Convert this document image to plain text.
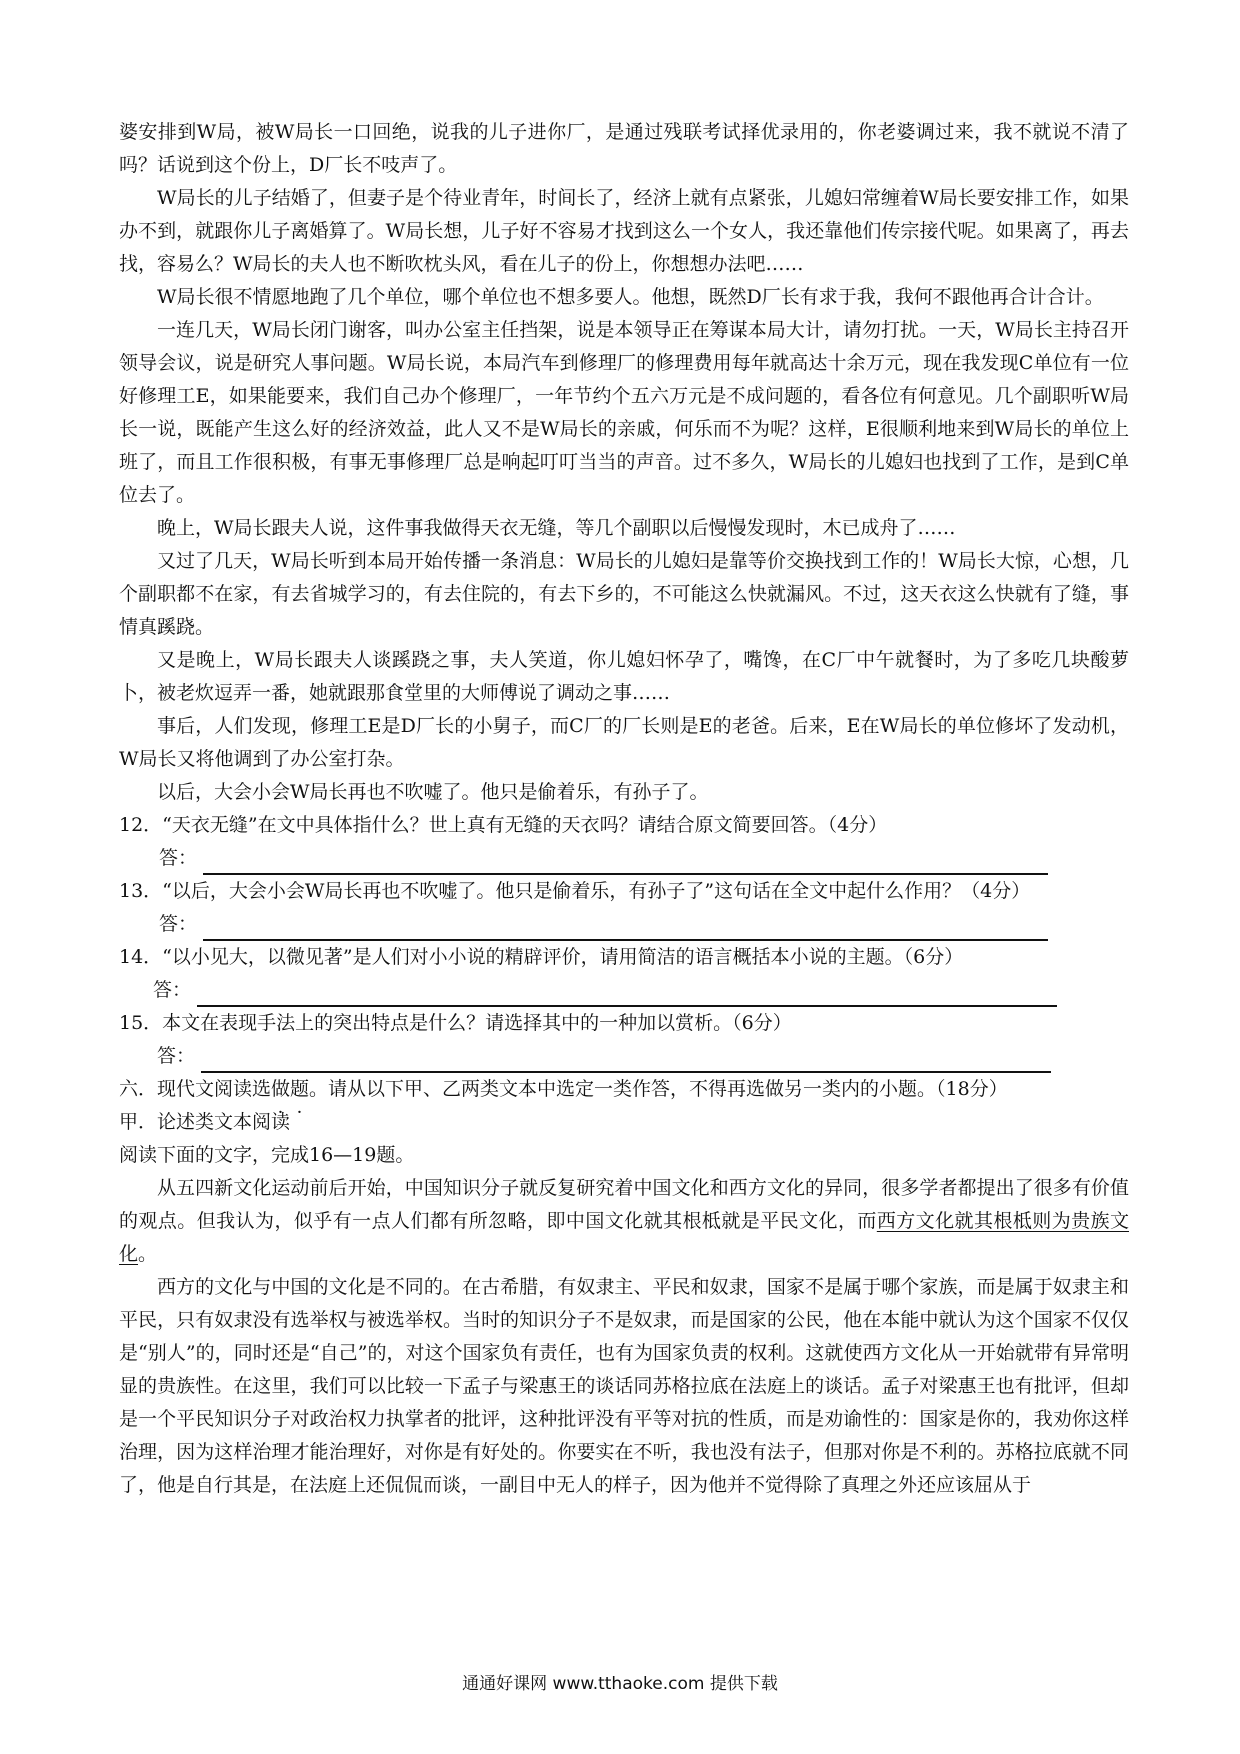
婆安排到W局，被W局长一口回绝，说我的儿子进你厂，是通过残联考试择优录用的，你老婆调过来，我不就说不清了吗？话说到这个份上，D厂长不吱声了。

W局长的儿子结婚了，但妻子是个待业青年，时间长了，经济上就有点紧张，儿媳妇常缠着W局长要安排工作，如果办不到，就跟你儿子离婚算了。W局长想，儿子好不容易才找到这么一个女人，我还靠他们传宗接代呢。如果离了，再去找，容易么？W局长的夫人也不断吹枕头风，看在儿子的份上，你想想办法吧……

W局长很不情愿地跑了几个单位，哪个单位也不想多要人。他想，既然D厂长有求于我，我何不跟他再合计合计。

一连几天，W局长闭门谢客，叫办公室主任挡架，说是本领导正在筹谋本局大计，请勿打扰。一天，W局长主持召开领导会议，说是研究人事问题。W局长说，本局汽车到修理厂的修理费用每年就高达十余万元，现在我发现C单位有一位好修理工E，如果能要来，我们自己办个修理厂，一年节约个五六万元是不成问题的，看各位有何意见。几个副职听W局长一说，既能产生这么好的经济效益，此人又不是W局长的亲戚，何乐而不为呢？这样，E很顺利地来到W局长的单位上班了，而且工作很积极，有事无事修理厂总是响起叮叮当当的声音。过不多久，W局长的儿媳妇也找到了工作，是到C单位去了。

晚上，W局长跟夫人说，这件事我做得天衣无缝，等几个副职以后慢慢发现时，木已成舟了……

又过了几天，W局长听到本局开始传播一条消息：W局长的儿媳妇是靠等价交换找到工作的！W局长大惊，心想，几个副职都不在家，有去省城学习的，有去住院的，有去下乡的，不可能这么快就漏风。不过，这天衣这么快就有了缝，事情真蹊跷。

又是晚上，W局长跟夫人谈蹊跷之事，夫人笑道，你儿媳妇怀孕了，嘴馋，在C厂中午就餐时，为了多吃几块酸萝卜，被老炊逗弄一番，她就跟那食堂里的大师傅说了调动之事……

事后，人们发现，修理工E是D厂长的小舅子，而C厂的厂长则是E的老爸。后来，E在W局长的单位修坏了发动机，W局长又将他调到了办公室打杂。

以后，大会小会W局长再也不吹嘘了。他只是偷着乐，有孙子了。

12．“天衣无缝”在文中具体指什么？世上真有无缝的天衣吗？请结合原文简要回答。（4分）

答：

13．“以后，大会小会W局长再也不吹嘘了。他只是偷着乐，有孙子了”这句话在全文中起什么作用？（4分）

答：

14．“以小见大，以微见著”是人们对小小说的精辟评价，请用简洁的语言概括本小说的主题。（6分）

答：

15．本文在表现手法上的突出特点是什么？请选择其中的一种加以赏析。（6分）

答：

六．现代文阅读选做题。请从以下甲、乙两类文本中选定一类作答，不得再选做另一类内的小题。（18分）

甲．论述类文本阅读

阅读下面的文字，完成16—19题。

从五四新文化运动前后开始，中国知识分子就反复研究着中国文化和西方文化的异同，很多学者都提出了很多有价值的观点。但我认为，似乎有一点人们都有所忽略，即中国文化就其根柢就是平民文化，而西方文化就其根柢则为贵族文化。

西方的文化与中国的文化是不同的。在古希腊，有奴隶主、平民和奴隶，国家不是属于哪个家族，而是属于奴隶主和平民，只有奴隶没有选举权与被选举权。当时的知识分子不是奴隶，而是国家的公民，他在本能中就认为这个国家不仅仅是“别人”的，同时还是“自己”的，对这个国家负有责任，也有为国家负责的权利。这就使西方文化从一开始就带有异常明显的贵族性。在这里，我们可以比较一下孟子与梁惠王的谈话同苏格拉底在法庭上的谈话。孟子对梁惠王也有批评，但却是一个平民知识分子对政治权力执掌者的批评，这种批评没有平等对抗的性质，而是劝谕性的：国家是你的，我劝你这样治理，因为这样治理才能治理好，对你是有好处的。你要实在不听，我也没有法子，但那对你是不利的。苏格拉底就不同了，他是自行其是，在法庭上还侃侃而谈，一副目中无人的样子，因为他并不觉得除了真理之外还应该屈从于

通通好课网 www.tthaoke.com 提供下载
